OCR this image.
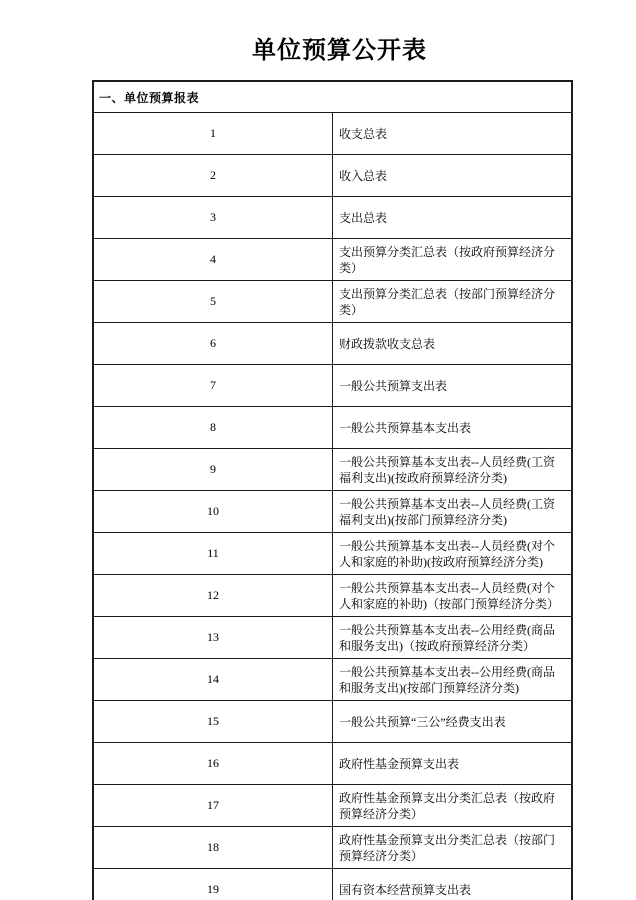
单位预算公开表
一、单位预算报表	
1	收支总表
2	收入总表
3	支出总表
4	支出预算分类汇总表（按政府预算经济分类）
5	支出预算分类汇总表（按部门预算经济分类）
6	财政拨款收支总表
7	一般公共预算支出表
8	一般公共预算基本支出表
9	一般公共预算基本支出表--人员经费(工资福利支出)(按政府预算经济分类)
10	一般公共预算基本支出表--人员经费(工资福利支出)(按部门预算经济分类)
11	一般公共预算基本支出表--人员经费(对个人和家庭的补助)(按政府预算经济分类)
12	一般公共预算基本支出表--人员经费(对个人和家庭的补助)（按部门预算经济分类）
13	一般公共预算基本支出表--公用经费(商品和服务支出)（按政府预算经济分类）
14	一般公共预算基本支出表--公用经费(商品和服务支出)(按部门预算经济分类)
15	一般公共预算“三公”经费支出表
16	政府性基金预算支出表
17	政府性基金预算支出分类汇总表（按政府预算经济分类）
18	政府性基金预算支出分类汇总表（按部门预算经济分类）
19	国有资本经营预算支出表
